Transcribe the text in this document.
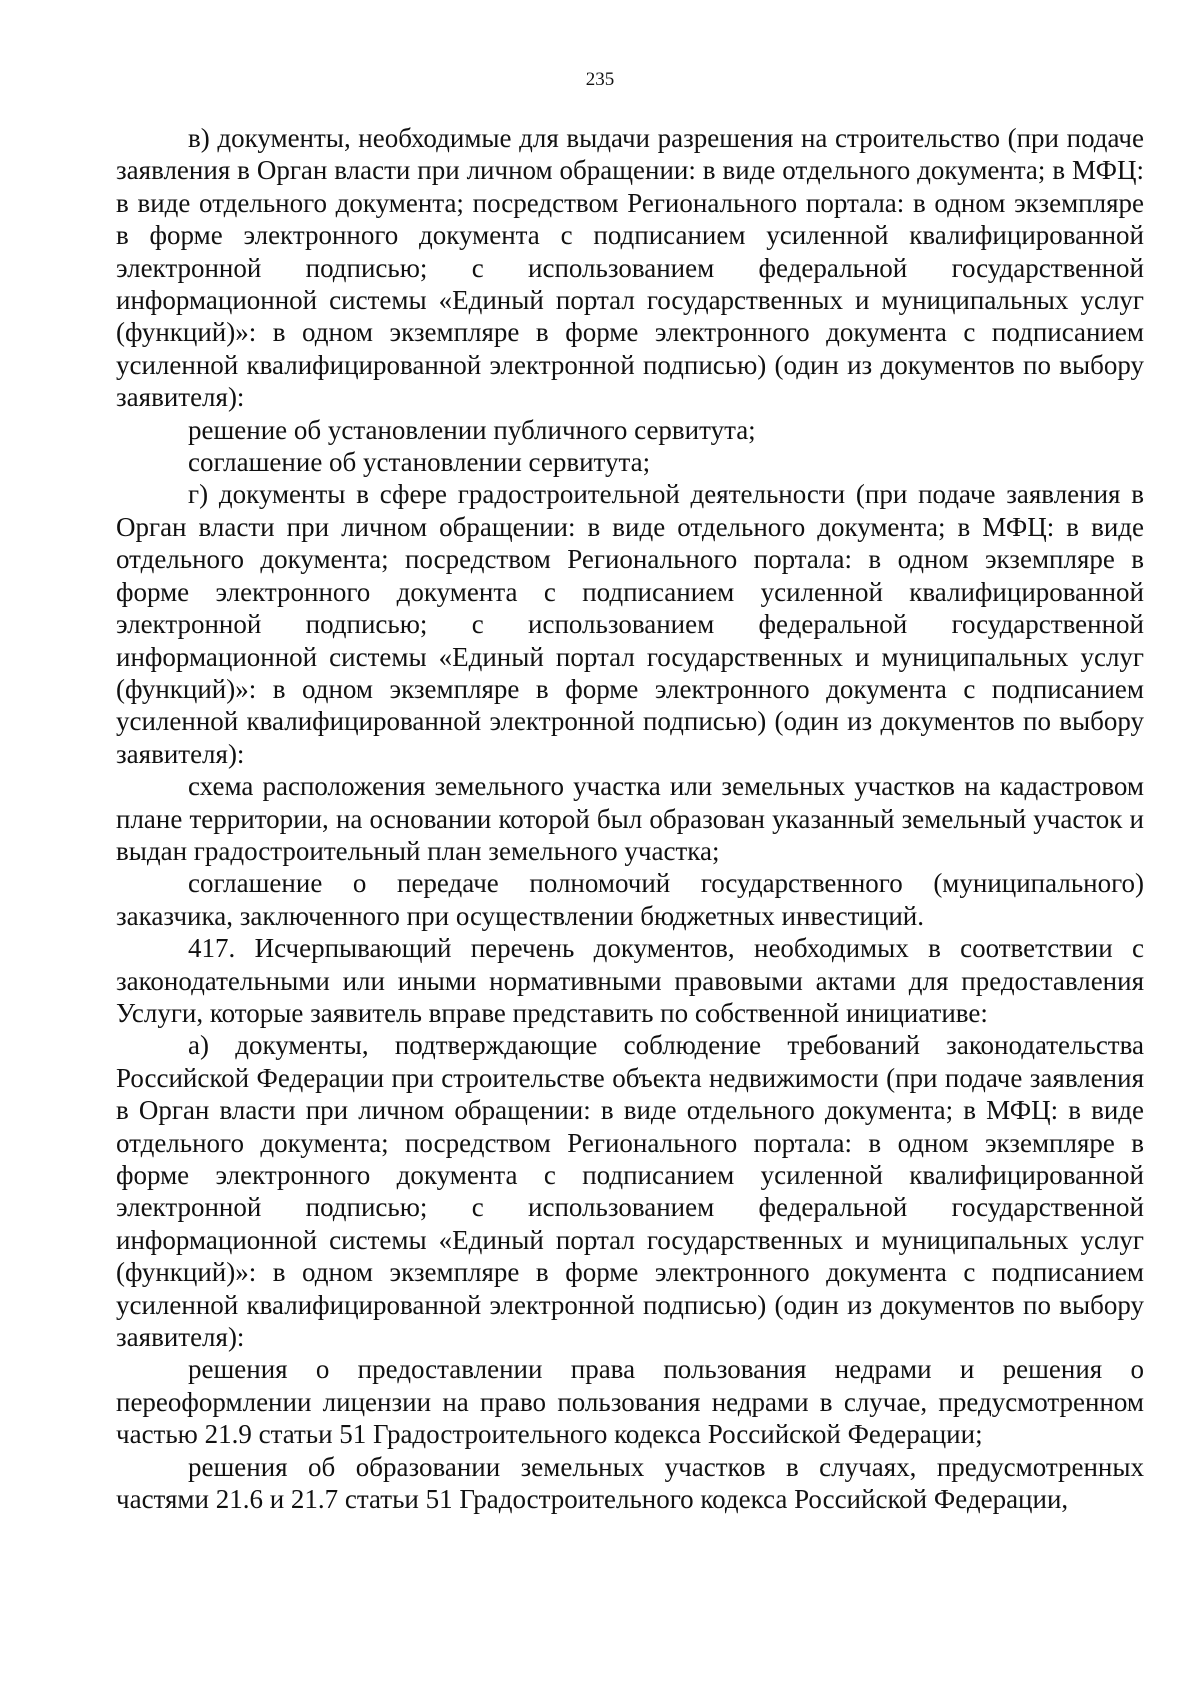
235

в) документы, необходимые для выдачи разрешения на строительство (при подаче заявления в Орган власти при личном обращении: в виде отдельного документа; в МФЦ: в виде отдельного документа; посредством Регионального портала: в одном экземпляре в форме электронного документа с подписанием усиленной квалифицированной электронной подписью; с использованием федеральной государственной информационной системы «Единый портал государственных и муниципальных услуг (функций)»: в одном экземпляре в форме электронного документа с подписанием усиленной квалифицированной электронной подписью) (один из документов по выбору заявителя):

решение об установлении публичного сервитута;

соглашение об установлении сервитута;

г) документы в сфере градостроительной деятельности (при подаче заявления в Орган власти при личном обращении: в виде отдельного документа; в МФЦ: в виде отдельного документа; посредством Регионального портала: в одном экземпляре в форме электронного документа с подписанием усиленной квалифицированной электронной подписью; с использованием федеральной государственной информационной системы «Единый портал государственных и муниципальных услуг (функций)»: в одном экземпляре в форме электронного документа с подписанием усиленной квалифицированной электронной подписью) (один из документов по выбору заявителя):

схема расположения земельного участка или земельных участков на кадастровом плане территории, на основании которой был образован указанный земельный участок и выдан градостроительный план земельного участка;

соглашение о передаче полномочий государственного (муниципального) заказчика, заключенного при осуществлении бюджетных инвестиций.

417. Исчерпывающий перечень документов, необходимых в соответствии с законодательными или иными нормативными правовыми актами для предоставления Услуги, которые заявитель вправе представить по собственной инициативе:

а) документы, подтверждающие соблюдение требований законодательства Российской Федерации при строительстве объекта недвижимости (при подаче заявления в Орган власти при личном обращении: в виде отдельного документа; в МФЦ: в виде отдельного документа; посредством Регионального портала: в одном экземпляре в форме электронного документа с подписанием усиленной квалифицированной электронной подписью; с использованием федеральной государственной информационной системы «Единый портал государственных и муниципальных услуг (функций)»: в одном экземпляре в форме электронного документа с подписанием усиленной квалифицированной электронной подписью) (один из документов по выбору заявителя):

решения о предоставлении права пользования недрами и решения о переоформлении лицензии на право пользования недрами в случае, предусмотренном частью 21.9 статьи 51 Градостроительного кодекса Российской Федерации;

решения об образовании земельных участков в случаях, предусмотренных частями 21.6 и 21.7 статьи 51 Градостроительного кодекса Российской Федерации,
